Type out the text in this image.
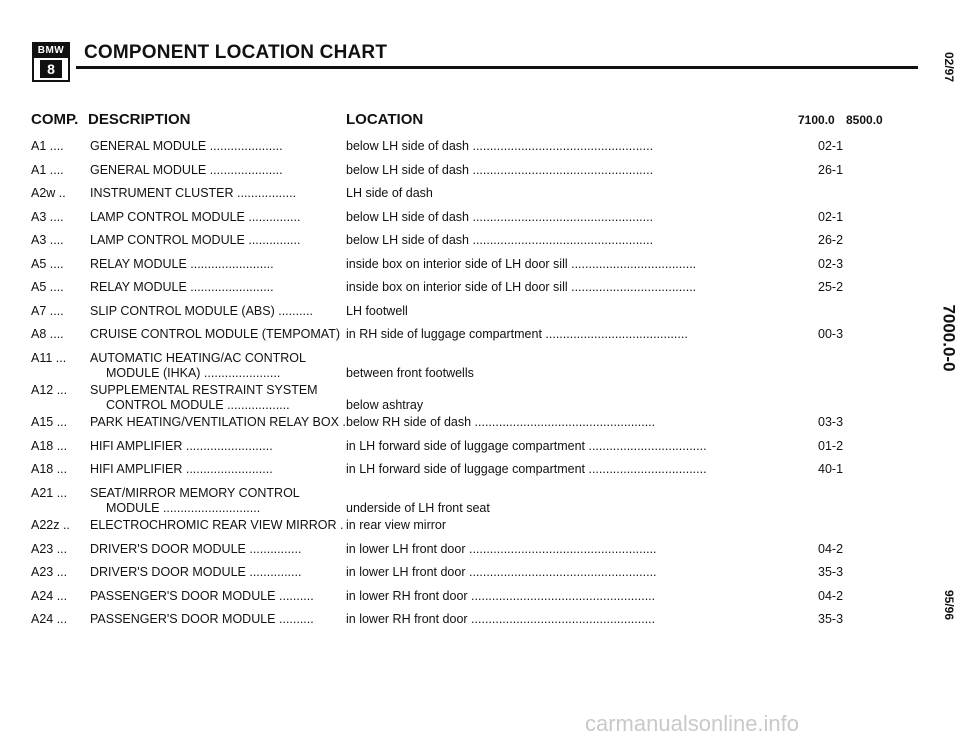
BMW
8
COMPONENT LOCATION CHART
COMP. DESCRIPTION	LOCATION	7100.0 8500.0
A1 .... GENERAL MODULE .....................	below LH side of dash ....................................................	02-1
A1 .... GENERAL MODULE .....................	below LH side of dash ....................................................	26-1
A2w .. INSTRUMENT CLUSTER .................	LH side of dash
A3 .... LAMP CONTROL MODULE ...............	below LH side of dash ....................................................	02-1
A3 .... LAMP CONTROL MODULE ...............	below LH side of dash ....................................................	26-2
A5 .... RELAY MODULE ........................	inside box on interior side of LH door sill ....................................	02-3
A5 .... RELAY MODULE ........................	inside box on interior side of LH door sill ....................................	25-2
A7 .... SLIP CONTROL MODULE (ABS) ..........	LH footwell
A8 .... CRUISE CONTROL MODULE (TEMPOMAT) in RH side of luggage compartment .........................................	00-3
A11 ... AUTOMATIC HEATING/AC CONTROL
MODULE (IHKA) ......................	between front footwells
A12 ... SUPPLEMENTAL RESTRAINT SYSTEM
CONTROL MODULE ..................	below ashtray
A15 ... PARK HEATING/VENTILATION RELAY BOX . below RH side of dash ....................................................	03-3
A18 ... HIFI AMPLIFIER .........................	in LH forward side of luggage compartment ..................................	01-2
A18 ... HIFI AMPLIFIER .........................	in LH forward side of luggage compartment ..................................	40-1
A21 ... SEAT/MIRROR MEMORY CONTROL
MODULE ............................	underside of LH front seat
A22z .. ELECTROCHROMIC REAR VIEW MIRROR . in rear view mirror
A23 ... DRIVER'S DOOR MODULE ...............	in lower LH front door ......................................................	04-2
A23 ... DRIVER'S DOOR MODULE ...............	in lower LH front door ......................................................	35-3
A24 ... PASSENGER'S DOOR MODULE ..........	in lower RH front door .....................................................	04-2
A24 ... PASSENGER'S DOOR MODULE ..........	in lower RH front door .....................................................	35-3
02/97
7000.0-0
95/96
carmanualsonline.info
